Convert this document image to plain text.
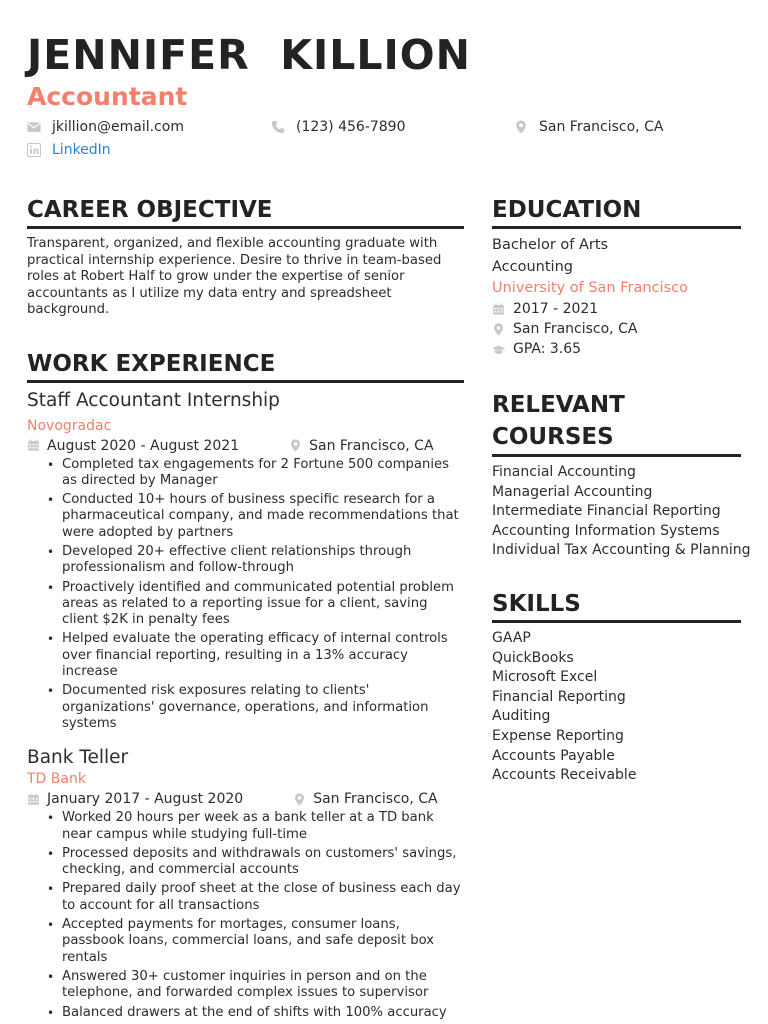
JENNIFER  KILLION
Accountant
jkillion@email.com	(123) 456-7890	San Francisco, CA
LinkedIn
CAREER OBJECTIVE

Transparent, organized, and flexible accounting graduate with practical internship experience. Desire to thrive in team-based roles at Robert Half to grow under the expertise of senior accountants as I utilize my data entry and spreadsheet background.

WORK EXPERIENCE
Staff Accountant Internship
Novogradac
August 2020 - August 2021	San Francisco, CA
• Completed tax engagements for 2 Fortune 500 companies as directed by Manager
• Conducted 10+ hours of business specific research for a pharmaceutical company, and made recommendations that were adopted by partners
• Developed 20+ effective client relationships through professionalism and follow-through
• Proactively identified and communicated potential problem areas as related to a reporting issue for a client, saving client $2K in penalty fees
• Helped evaluate the operating efficacy of internal controls over financial reporting, resulting in a 13% accuracy increase
• Documented risk exposures relating to clients' organizations' governance, operations, and information systems
Bank Teller
TD Bank
January 2017 - August 2020	San Francisco, CA
• Worked 20 hours per week as a bank teller at a TD bank near campus while studying full-time
• Processed deposits and withdrawals on customers' savings, checking, and commercial accounts
• Prepared daily proof sheet at the close of business each day to account for all transactions
• Accepted payments for mortages, consumer loans, passbook loans, commercial loans, and safe deposit box rentals
• Answered 30+ customer inquiries in person and on the telephone, and forwarded complex issues to supervisor
• Balanced drawers at the end of shifts with 100% accuracy
EDUCATION

Bachelor of Arts

Accounting

University of San Francisco

2017 - 2021
San Francisco, CA
GPA: 3.65
RELEVANT
COURSES
Financial Accounting
Managerial Accounting
Intermediate Financial Reporting
Accounting Information Systems
Individual Tax Accounting & Planning
SKILLS
GAAP
QuickBooks
Microsoft Excel
Financial Reporting
Auditing
Expense Reporting
Accounts Payable
Accounts Receivable
